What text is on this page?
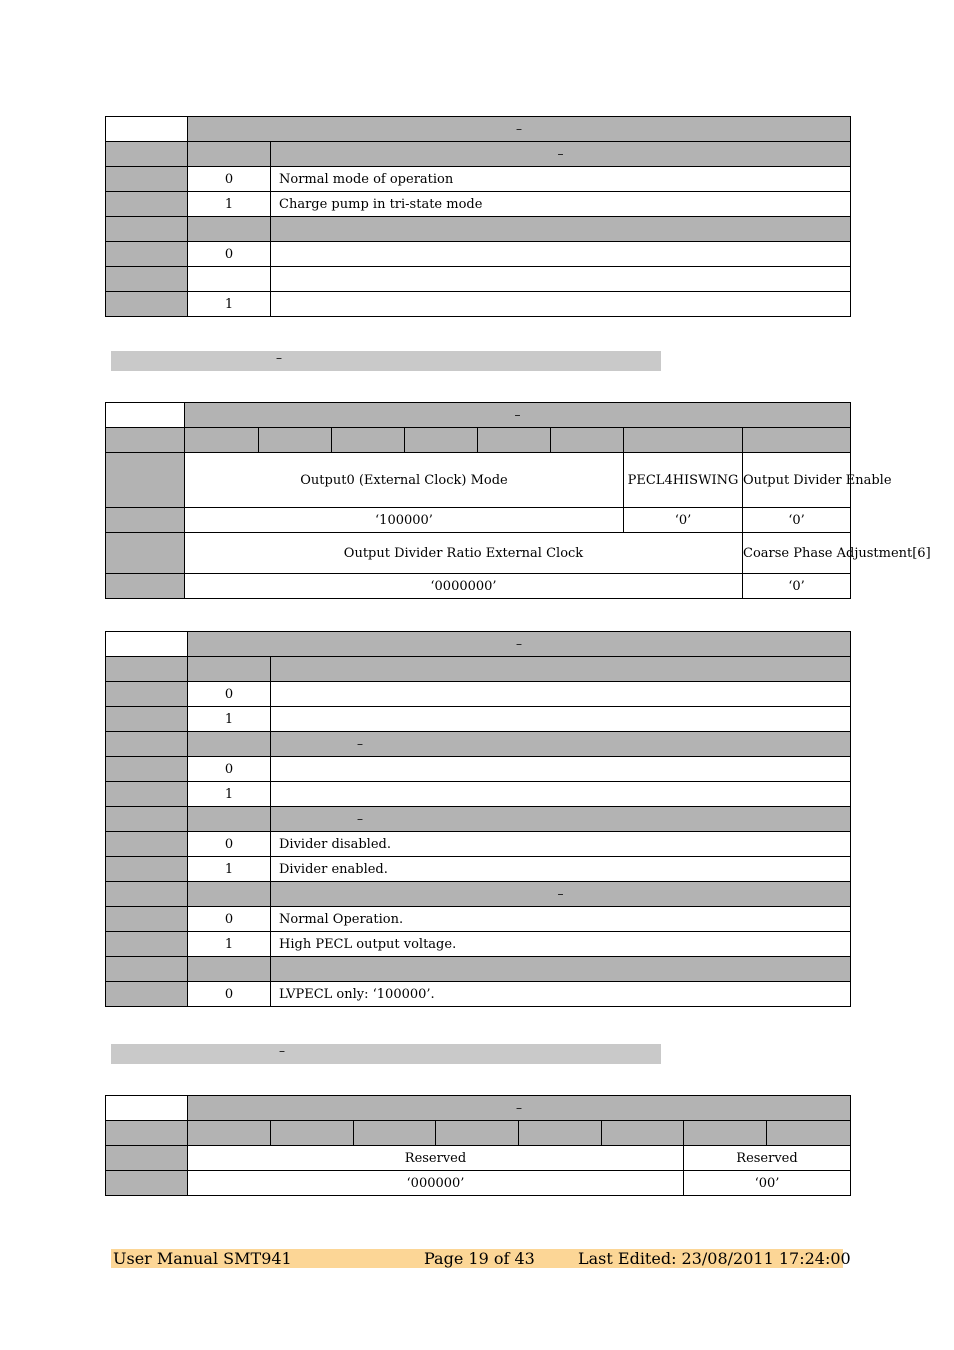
	–	
		–
	0	Normal mode of operation
	1	Charge pump in tri-state mode

	0	

	1	
–
	–							

	Output0 (External Clock) Mode						PECL4HISWING	Output Divider Enable
	‘100000’						‘0’	‘0’
	Output Divider Ratio External Clock							Coarse Phase Adjustment[6]
	‘0000000’							‘0’
	–	

	0	
	1	
		–
	0	
	1	
		–
	0	Divider disabled.
	1	Divider enabled.
		–
	0	Normal Operation.
	1	High PECL output voltage.

	0	LVPECL only: ‘100000’.
–
	–							

	Reserved						Reserved	
	‘000000’						‘00’	
User Manual SMT941	Page 19 of 43	Last Edited: 23/08/2011 17:24:00
